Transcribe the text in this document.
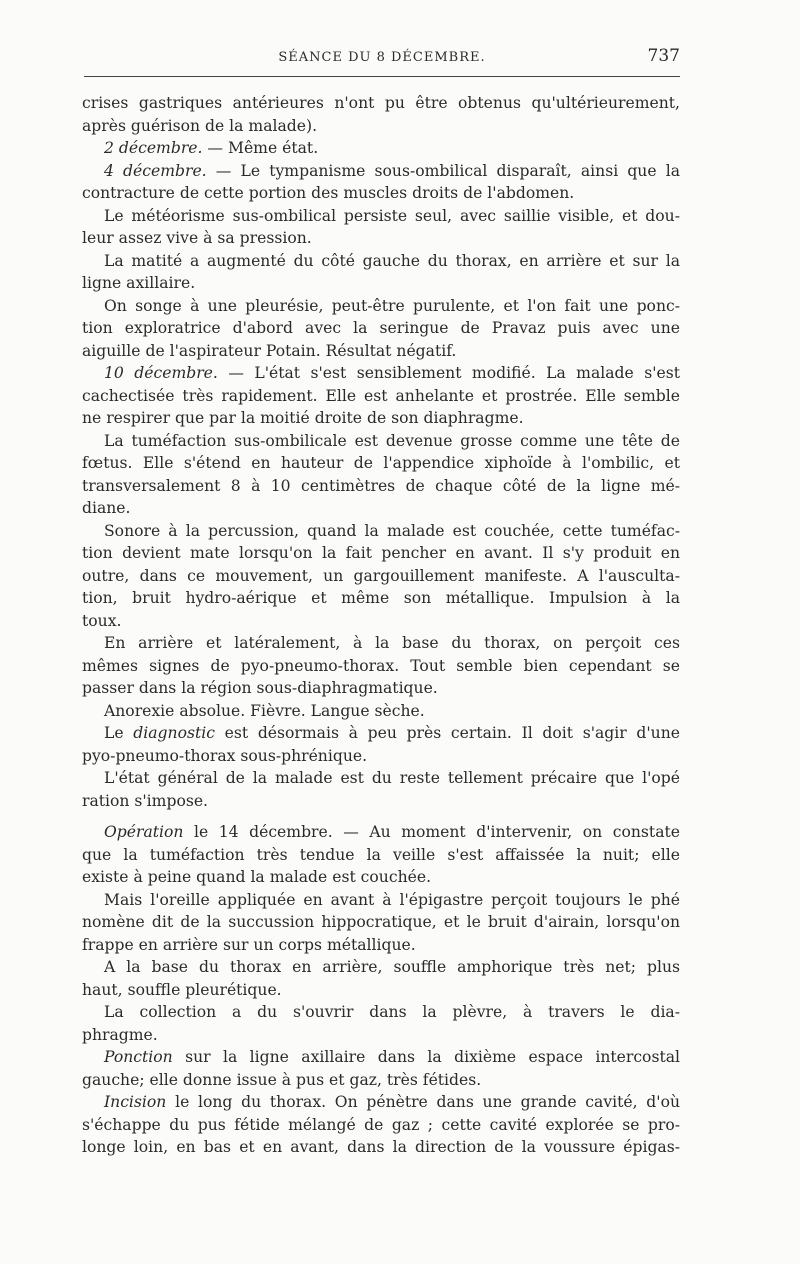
SÉANCE DU 8 DÉCEMBRE.	737
crises gastriques antérieures n'ont pu être obtenus qu'ultérieurement,
après guérison de la malade).
2 décembre. — Même état.
4 décembre. — Le tympanisme sous-ombilical disparaît, ainsi que la
contracture de cette portion des muscles droits de l'abdomen.
Le météorisme sus-ombilical persiste seul, avec saillie visible, et dou-
leur assez vive à sa pression.
La matité a augmenté du côté gauche du thorax, en arrière et sur la
ligne axillaire.
On songe à une pleurésie, peut-être purulente, et l'on fait une ponc-
tion exploratrice d'abord avec la seringue de Pravaz puis avec une
aiguille de l'aspirateur Potain. Résultat négatif.
10 décembre. — L'état s'est sensiblement modifié. La malade s'est
cachectisée très rapidement. Elle est anhelante et prostrée. Elle semble
ne respirer que par la moitié droite de son diaphragme.
La tuméfaction sus-ombilicale est devenue grosse comme une tête de
fœtus. Elle s'étend en hauteur de l'appendice xiphoïde à l'ombilic, et
transversalement 8 à 10 centimètres de chaque côté de la ligne mé-
diane.
Sonore à la percussion, quand la malade est couchée, cette tuméfac-
tion devient mate lorsqu'on la fait pencher en avant. Il s'y produit en
outre, dans ce mouvement, un gargouillement manifeste. A l'ausculta-
tion, bruit hydro-aérique et même son métallique. Impulsion à la
toux.
En arrière et latéralement, à la base du thorax, on perçoit ces
mêmes signes de pyo-pneumo-thorax. Tout semble bien cependant se
passer dans la région sous-diaphragmatique.
Anorexie absolue. Fièvre. Langue sèche.
Le diagnostic est désormais à peu près certain. Il doit s'agir d'une
pyo-pneumo-thorax sous-phrénique.
L'état général de la malade est du reste tellement précaire que l'opé
ration s'impose.
Opération le 14 décembre. — Au moment d'intervenir, on constate
que la tuméfaction très tendue la veille s'est affaissée la nuit; elle
existe à peine quand la malade est couchée.
Mais l'oreille appliquée en avant à l'épigastre perçoit toujours le phé
nomène dit de la succussion hippocratique, et le bruit d'airain, lorsqu'on
frappe en arrière sur un corps métallique.
A la base du thorax en arrière, souffle amphorique très net; plus
haut, souffle pleurétique.
La collection a du s'ouvrir dans la plèvre, à travers le dia-
phragme.
Ponction sur la ligne axillaire dans la dixième espace intercostal
gauche; elle donne issue à pus et gaz, très fétides.
Incision le long du thorax. On pénètre dans une grande cavité, d'où
s'échappe du pus fétide mélangé de gaz ; cette cavité explorée se pro-
longe loin, en bas et en avant, dans la direction de la voussure épigas-
